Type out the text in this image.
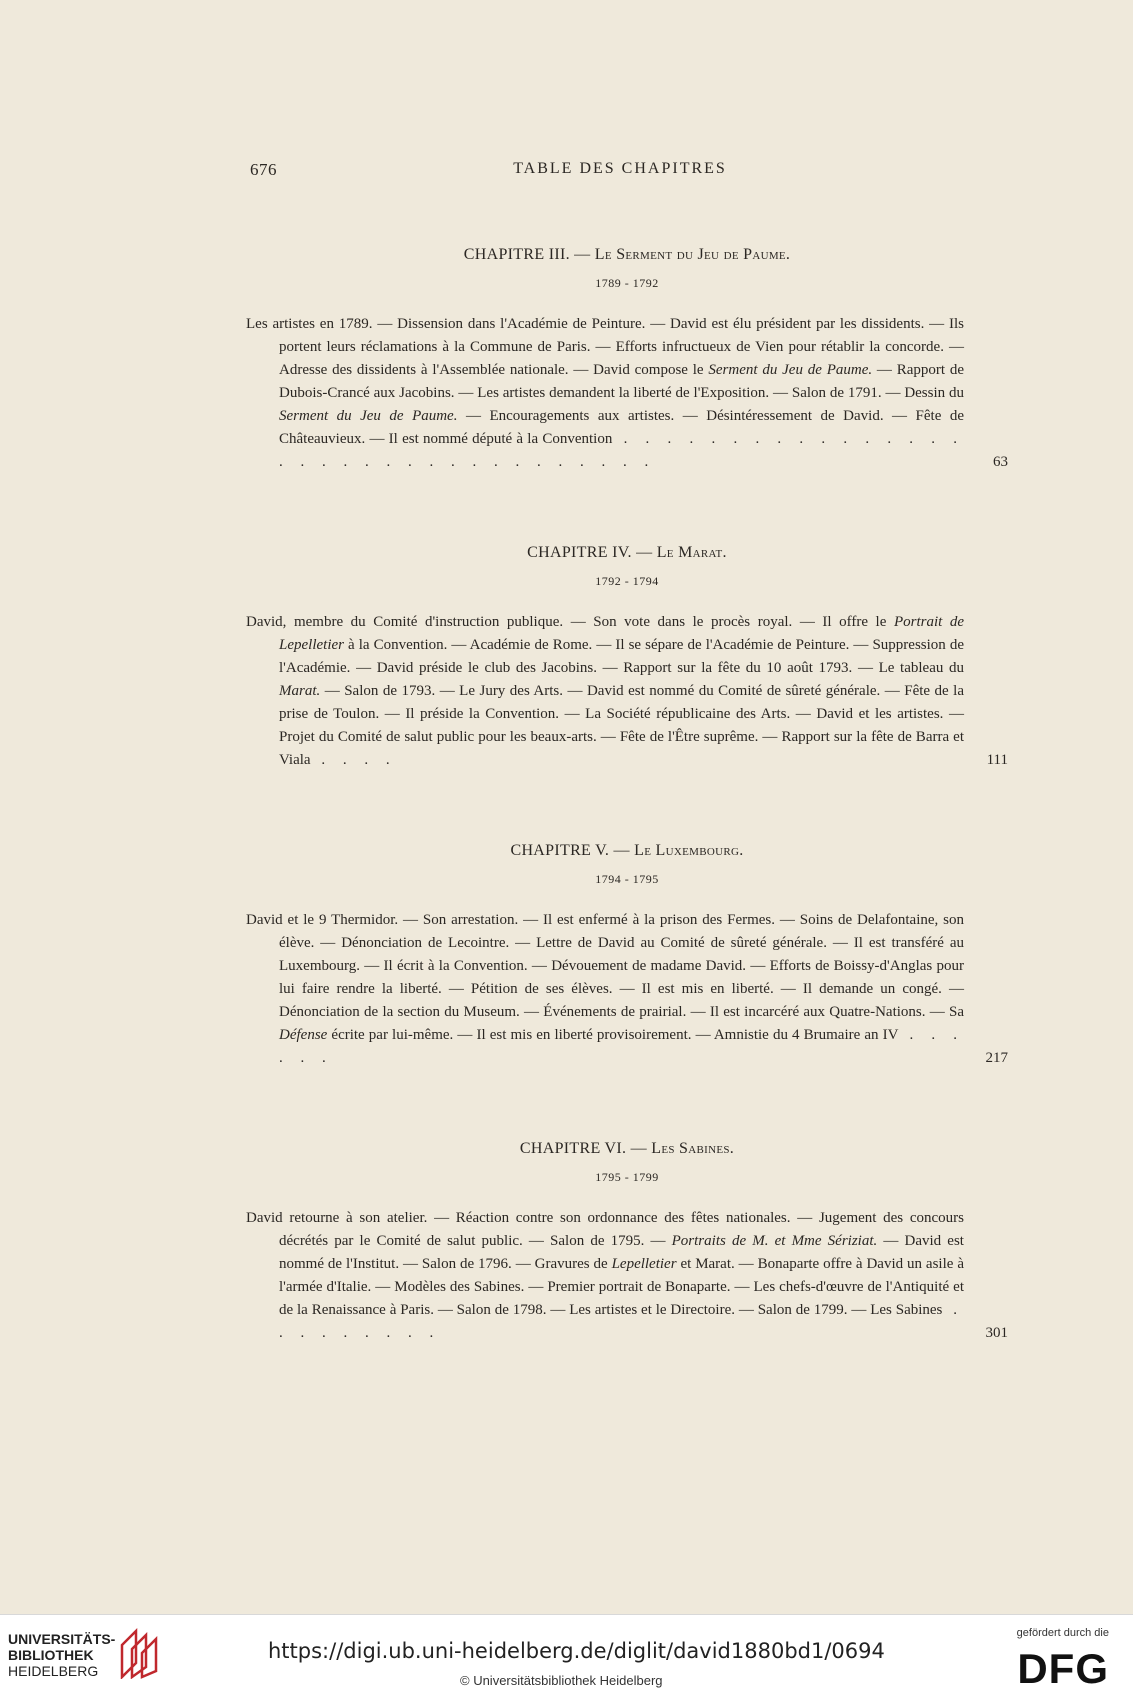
676	TABLE DES CHAPITRES
CHAPITRE III. — Le Serment du Jeu de Paume.
1789 - 1792
Les artistes en 1789. — Dissension dans l'Académie de Peinture. — David est élu président par les dissidents. — Ils portent leurs réclamations à la Commune de Paris. — Efforts infructueux de Vien pour rétablir la concorde. — Adresse des dissidents à l'Assemblée nationale. — David compose le Serment du Jeu de Paume. — Rapport de Dubois-Crancé aux Jacobins. — Les artistes demandent la liberté de l'Exposition. — Salon de 1791. — Dessin du Serment du Jeu de Paume. — Encouragements aux artistes. — Désintéressement de David. — Fête de Châteauvieux. — Il est nommé député à la Convention . . . . . . . . . . . . . . . . . . . . . . . . . . . . . . . . . .	63
CHAPITRE IV. — Le Marat.
1792 - 1794
David, membre du Comité d'instruction publique. — Son vote dans le procès royal. — Il offre le Portrait de Lepelletier à la Convention. — Académie de Rome. — Il se sépare de l'Académie de Peinture. — Suppression de l'Académie. — David préside le club des Jacobins. — Rapport sur la fête du 10 août 1793. — Le tableau du Marat. — Salon de 1793. — Le Jury des Arts. — David est nommé du Comité de sûreté générale. — Fête de la prise de Toulon. — Il préside la Convention. — La Société républicaine des Arts. — David et les artistes. — Projet du Comité de salut public pour les beaux-arts. — Fête de l'Être suprême. — Rapport sur la fête de Barra et Viala . . . .	111
CHAPITRE V. — Le Luxembourg.
1794 - 1795
David et le 9 Thermidor. — Son arrestation. — Il est enfermé à la prison des Fermes. — Soins de Delafontaine, son élève. — Dénonciation de Lecointre. — Lettre de David au Comité de sûreté générale. — Il est transféré au Luxembourg. — Il écrit à la Convention. — Dévouement de madame David. — Efforts de Boissy-d'Anglas pour lui faire rendre la liberté. — Pétition de ses élèves. — Il est mis en liberté. — Il demande un congé. — Dénonciation de la section du Museum. — Événements de prairial. — Il est incarcéré aux Quatre-Nations. — Sa Défense écrite par lui-même. — Il est mis en liberté provisoirement. — Amnistie du 4 Brumaire an IV . . . . . .	217
CHAPITRE VI. — Les Sabines.
1795 - 1799
David retourne à son atelier. — Réaction contre son ordonnance des fêtes nationales. — Jugement des concours décrétés par le Comité de salut public. — Salon de 1795. — Portraits de M. et Mme Sériziat. — David est nommé de l'Institut. — Salon de 1796. — Gravures de Lepelletier et Marat. — Bonaparte offre à David un asile à l'armée d'Italie. — Modèles des Sabines. — Premier portrait de Bonaparte. — Les chefs-d'œuvre de l'Antiquité et de la Renaissance à Paris. — Salon de 1798. — Les artistes et le Directoire. — Salon de 1799. — Les Sabines . . . . . . . . .	301
UNIVERSITÄTS-
BIBLIOTHEK
HEIDELBERG
https://digi.ub.uni-heidelberg.de/diglit/david1880bd1/0694
© Universitätsbibliothek Heidelberg
gefördert durch die
DFG
